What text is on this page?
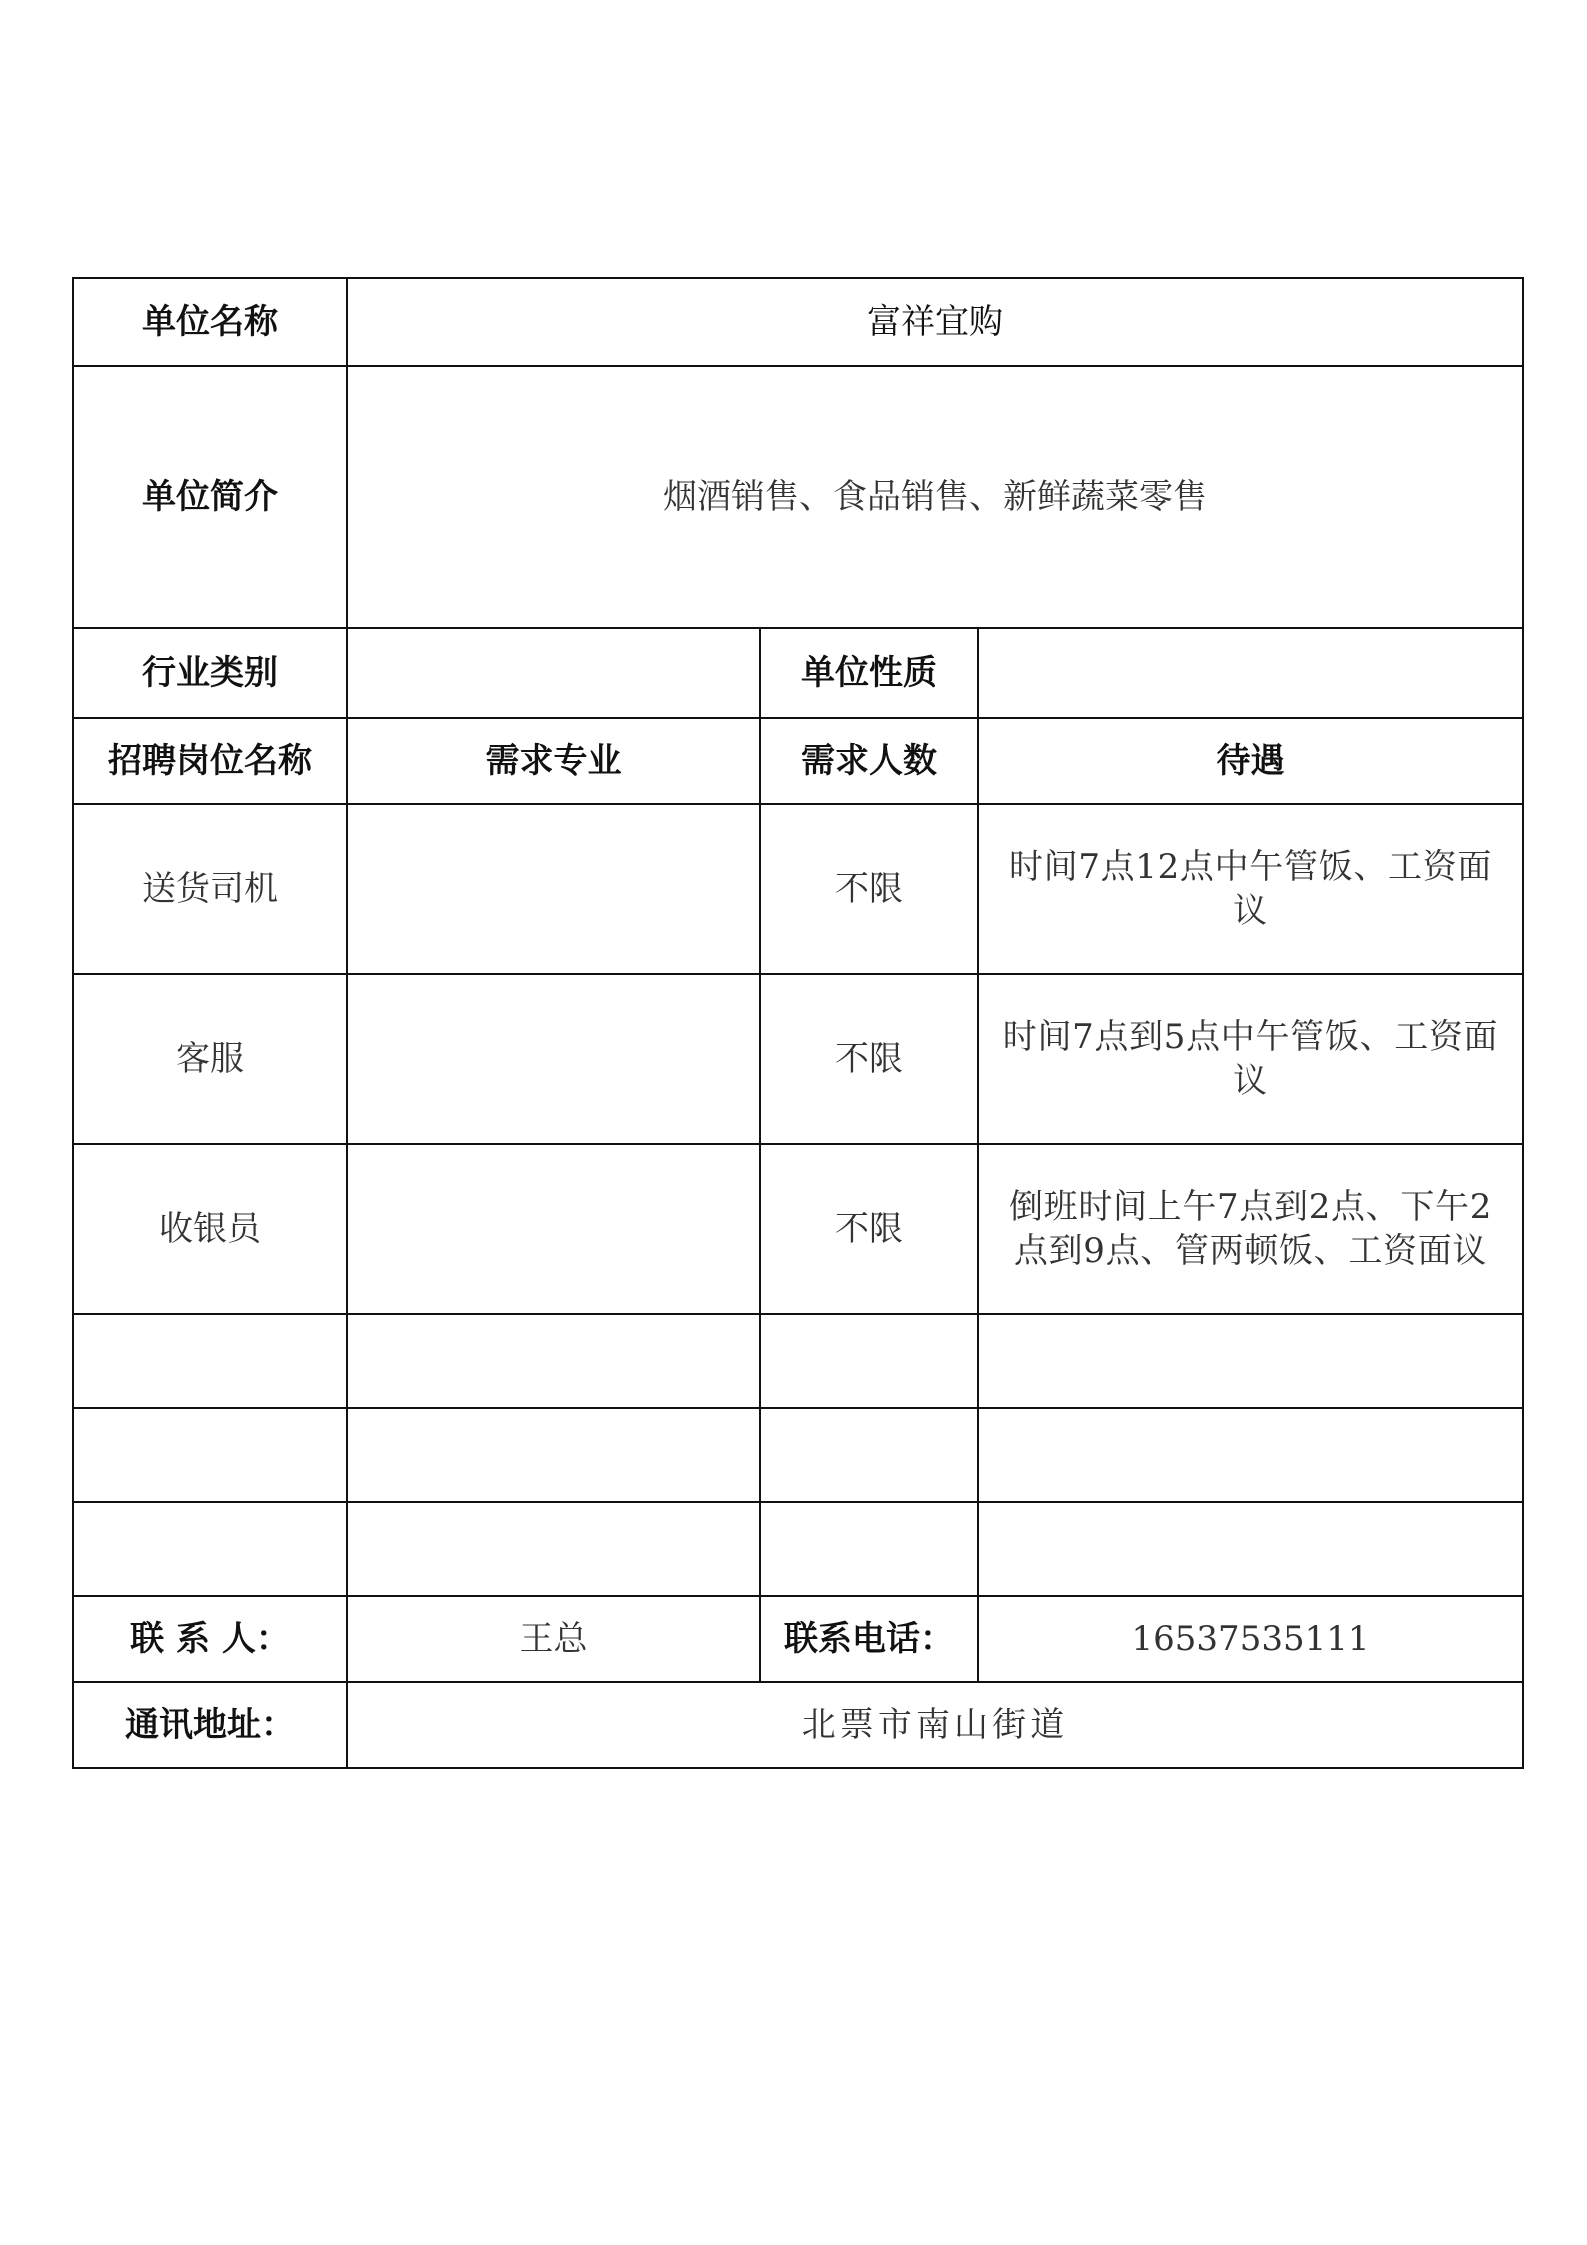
单位名称	富祥宜购		
单位简介	烟酒销售、食品销售、新鲜蔬菜零售		
行业类别		单位性质	
招聘岗位名称	需求专业	需求人数	待遇
送货司机		不限	时间7点12点中午管饭、工资面议
客服		不限	时间7点到5点中午管饭、工资面议
收银员		不限	倒班时间上午7点到2点、下午2点到9点、管两顿饭、工资面议

联 系 人：	王总	联系电话：	16537535111
通讯地址：	北票市南山街道		
